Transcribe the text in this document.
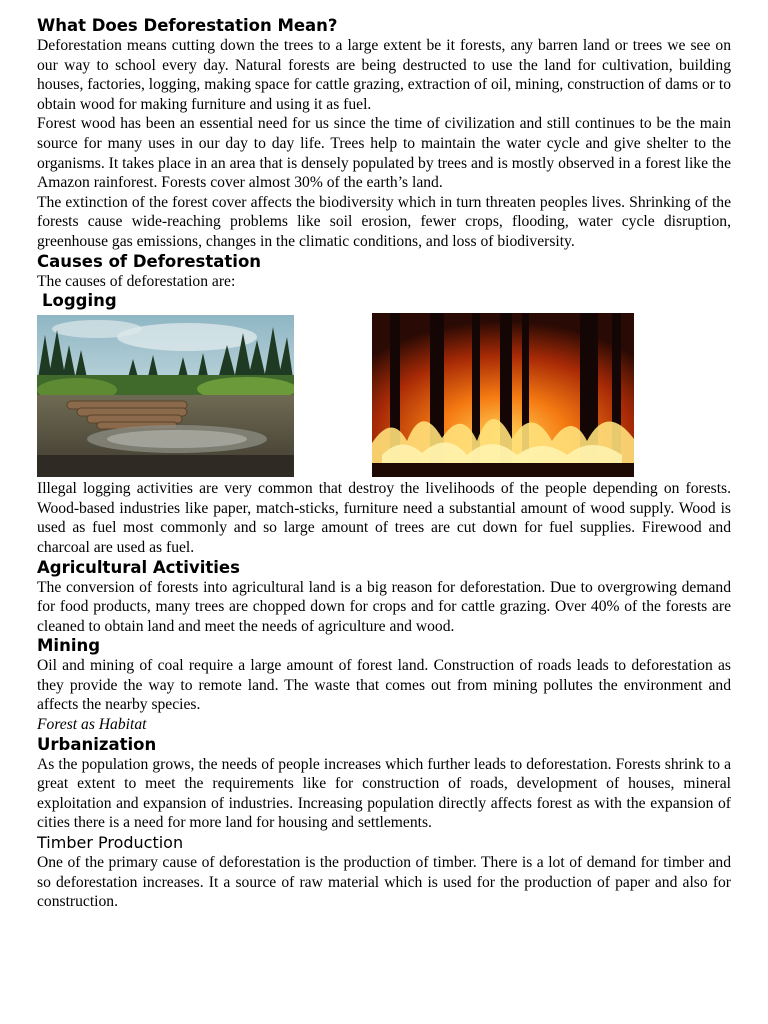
What Does Deforestation Mean?

Deforestation means cutting down the trees to a large extent be it forests, any barren land or trees we see on our way to school every day. Natural forests are being destructed to use the land for cultivation, building houses, factories, logging, making space for cattle grazing, extraction of oil, mining, construction of dams or to obtain wood for making furniture and using it as fuel.

Forest wood has been an essential need for us since the time of civilization and still continues to be the main source for many uses in our day to day life. Trees help to maintain the water cycle and give shelter to the organisms. It takes place in an area that is densely populated by trees and is mostly observed in a forest like the Amazon rainforest. Forests cover almost 30% of the earth’s land.

The extinction of the forest cover affects the biodiversity which in turn threaten peoples lives. Shrinking of the forests cause wide-reaching problems like soil erosion, fewer crops, flooding, water cycle disruption, greenhouse gas emissions, changes in the climatic conditions, and loss of biodiversity.

Causes of Deforestation

The causes of deforestation are:

Logging

Illegal logging activities are very common that destroy the livelihoods of the people depending on forests. Wood-based industries like paper, match-sticks, furniture need a substantial amount of wood supply. Wood is used as fuel most commonly and so large amount of trees are cut down for fuel supplies. Firewood and charcoal are used as fuel.

Agricultural Activities

The conversion of forests into agricultural land is a big reason for deforestation. Due to overgrowing demand for food products, many trees are chopped down for crops and for cattle grazing. Over 40% of the forests are cleaned to obtain land and meet the needs of agriculture and wood.

Mining

Oil and mining of coal require a large amount of forest land. Construction of roads leads to deforestation as they provide the way to remote land. The waste that comes out from mining pollutes the environment and affects the nearby species.

Forest as Habitat

Urbanization

As the population grows, the needs of people increases which further leads to deforestation. Forests shrink to a great extent to meet the requirements like for construction of roads, development of houses, mineral exploitation and expansion of industries. Increasing population directly affects forest as with the expansion of cities there is a need for more land for housing and settlements.

Timber Production

One of the primary cause of deforestation is the production of timber. There is a lot of demand for timber and so deforestation increases. It a source of raw material which is used for the production of paper and also for construction.
